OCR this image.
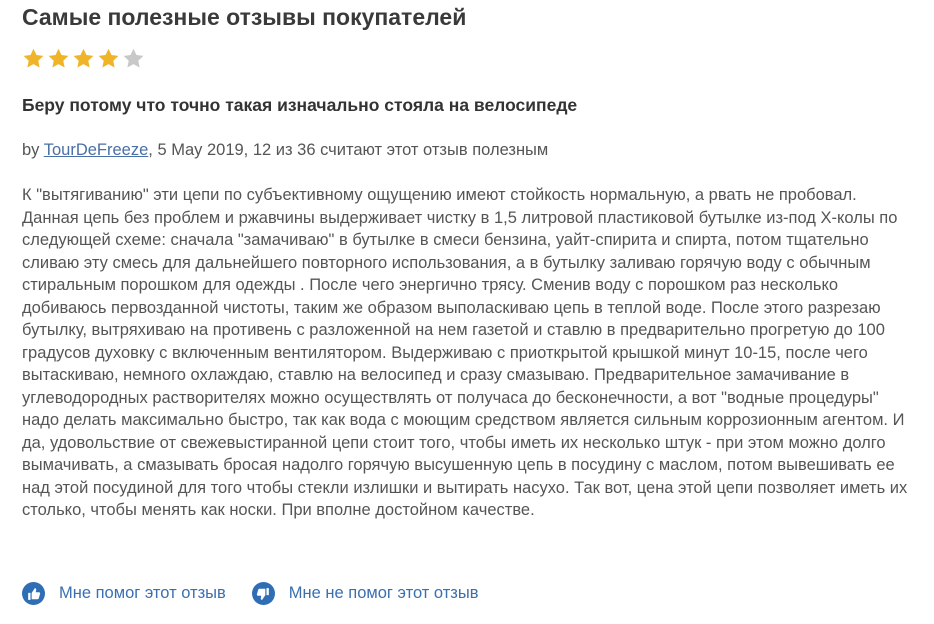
Самые полезные отзывы покупателей
Беру потому что точно такая изначально стояла на велосипеде
by TourDeFreeze, 5 May 2019, 12 из 36 считают этот отзыв полезным

К "вытягиванию" эти цепи по субъективному ощущению имеют стойкость нормальную, а рвать не пробовал. Данная цепь без проблем и ржавчины выдерживает чистку в 1,5 литровой пластиковой бутылке из-под X-колы по следующей схеме: сначала "замачиваю" в бутылке в смеси бензина, уайт-спирита и спирта, потом тщательно сливаю эту смесь для дальнейшего повторного использования, а в бутылку заливаю горячую воду с обычным стиральным порошком для одежды . После чего энергично трясу. Сменив воду с порошком раз несколько добиваюсь первозданной чистоты, таким же образом выполаскиваю цепь в теплой воде. После этого разрезаю бутылку, вытряхиваю на противень с разложенной на нем газетой и ставлю в предварительно прогретую до 100 градусов духовку с включенным вентилятором. Выдерживаю с приоткрытой крышкой минут 10-15, после чего вытаскиваю, немного охлаждаю, ставлю на велосипед и сразу смазываю. Предварительное замачивание в углеводородных растворителях можно осуществлять от получаса до бесконечности, а вот "водные процедуры" надо делать максимально быстро, так как вода с моющим средством является сильным коррозионным агентом. И да, удовольствие от свежевыстиранной цепи стоит того, чтобы иметь их несколько штук - при этом можно долго вымачивать, а смазывать бросая надолго горячую высушенную цепь в посудину с маслом, потом вывешивать ее над этой посудиной для того чтобы стекли излишки и вытирать насухо. Так вот, цена этой цепи позволяет иметь их столько, чтобы менять как носки. При вполне достойном качестве.

Мне помог этот отзыв	Мне не помог этот отзыв
